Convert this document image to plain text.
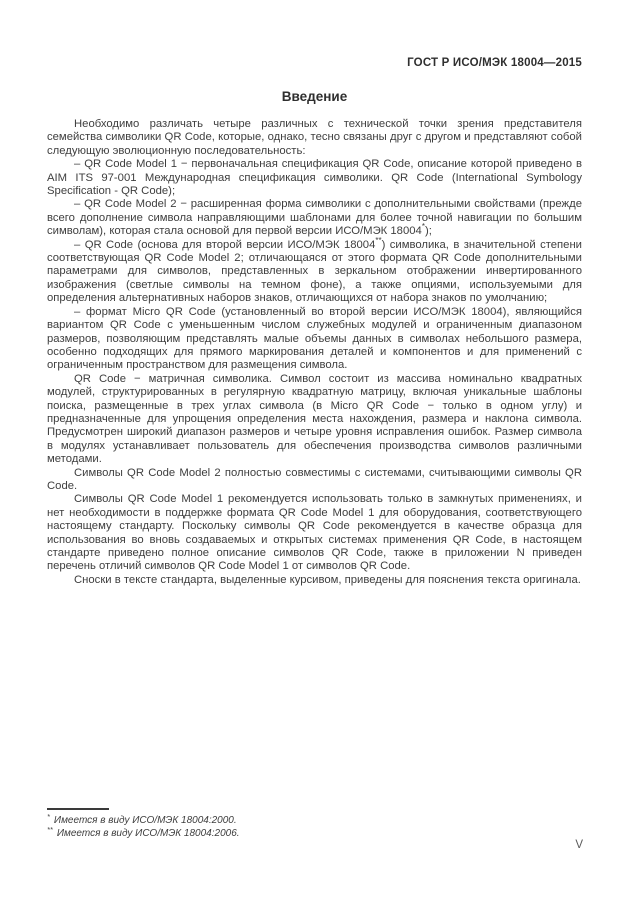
ГОСТ Р ИСО/МЭК 18004—2015
Введение

Необходимо различать четыре различных с технической точки зрения представителя семейства символики QR Code, которые, однако, тесно связаны друг с другом и представляют собой следующую эволюционную последовательность:

– QR Code Model 1 − первоначальная спецификация QR Code, описание которой приведено в AIM ITS 97-001 Международная спецификация символики. QR Code (International Symbology Specification - QR Code);

– QR Code Model 2 − расширенная форма символики с дополнительными свойствами (прежде всего дополнение символа направляющими шаблонами для более точной навигации по большим символам), которая стала основой для первой версии ИСО/МЭК 18004*);

– QR Code (основа для второй версии ИСО/МЭК 18004**) символика, в значительной степени соответствующая QR Code Model 2; отличающаяся от этого формата QR Code дополнительными параметрами для символов, представленных в зеркальном отображении инвертированного изображения (светлые символы на темном фоне), а также опциями, используемыми для определения альтернативных наборов знаков, отличающихся от набора знаков по умолчанию;

– формат Micro QR Code (установленный во второй версии ИСО/МЭК 18004), являющийся вариантом QR Code с уменьшенным числом служебных модулей и ограниченным диапазоном размеров, позволяющим представлять малые объемы данных в символах небольшого размера, особенно подходящих для прямого маркирования деталей и компонентов и для применений с ограниченным пространством для размещения символа.

QR Code − матричная символика. Символ состоит из массива номинально квадратных модулей, структурированных в регулярную квадратную матрицу, включая уникальные шаблоны поиска, размещенные в трех углах символа (в Micro QR Code − только в одном углу) и предназначенные для упрощения определения места нахождения, размера и наклона символа. Предусмотрен широкий диапазон размеров и четыре уровня исправления ошибок. Размер символа в модулях устанавливает пользователь для обеспечения производства символов различными методами.

Символы QR Code Model 2 полностью совместимы с системами, считывающими символы QR Code.

Символы QR Code Model 1 рекомендуется использовать только в замкнутых применениях, и нет необходимости в поддержке формата QR Code Model 1 для оборудования, соответствующего настоящему стандарту. Поскольку символы QR Code рекомендуется в качестве образца для использования во вновь создаваемых и открытых системах применения QR Code, в настоящем стандарте приведено полное описание символов QR Code, также в приложении N приведен перечень отличий символов QR Code Model 1 от символов QR Code.

Сноски в тексте стандарта, выделенные курсивом, приведены для пояснения текста оригинала.

* Имеется в виду ИСО/МЭК 18004:2000.
** Имеется в виду ИСО/МЭК 18004:2006.
V
